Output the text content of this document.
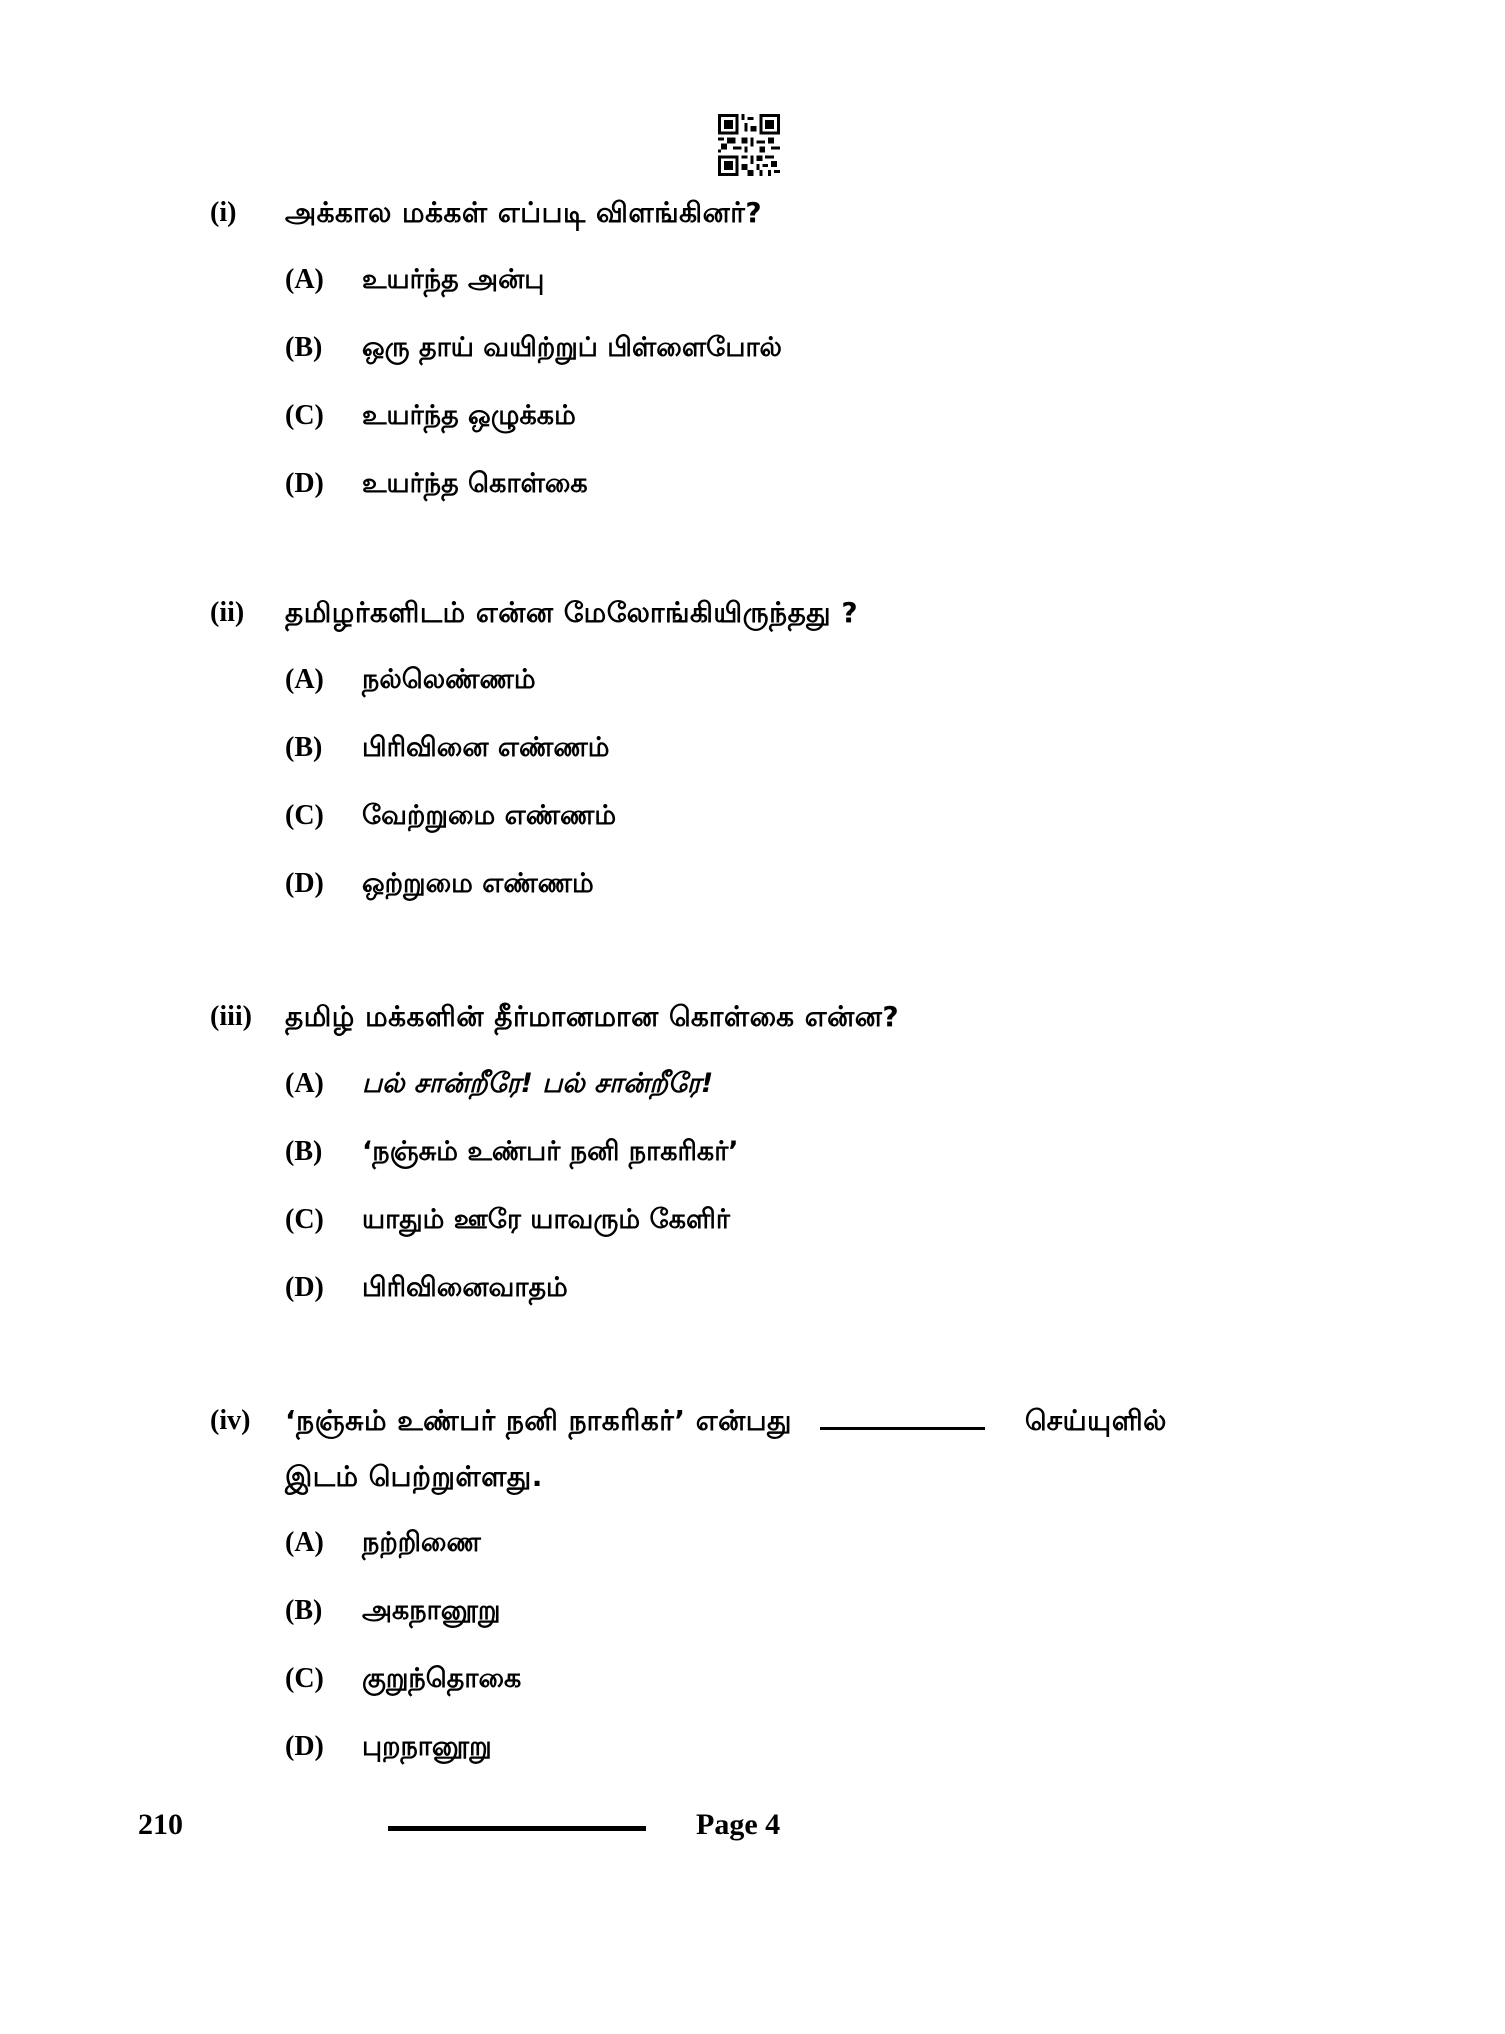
(i) அக்கால மக்கள் எப்படி விளங்கினர்?
(A) உயர்ந்த அன்பு
(B) ஒரு தாய் வயிற்றுப் பிள்ளைபோல்
(C) உயர்ந்த ஒழுக்கம்
(D) உயர்ந்த கொள்கை
(ii) தமிழர்களிடம் என்ன மேலோங்கியிருந்தது ?
(A) நல்லெண்ணம்
(B) பிரிவினை எண்ணம்
(C) வேற்றுமை எண்ணம்
(D) ஒற்றுமை எண்ணம்
(iii) தமிழ் மக்களின் தீர்மானமான கொள்கை என்ன?
(A) பல் சான்றீரே! பல் சான்றீரே!
(B) ‘நஞ்சும் உண்பர் நனி நாகரிகர்’
(C) யாதும் ஊரே யாவரும் கேளிர்
(D) பிரிவினைவாதம்
(iv) ‘நஞ்சும் உண்பர் நனி நாகரிகர்’ என்பது	செய்யுளில்
இடம் பெற்றுள்ளது.
(A) நற்றிணை
(B) அகநானூறு
(C) குறுந்தொகை
(D) புறநானூறு
210	Page 4
